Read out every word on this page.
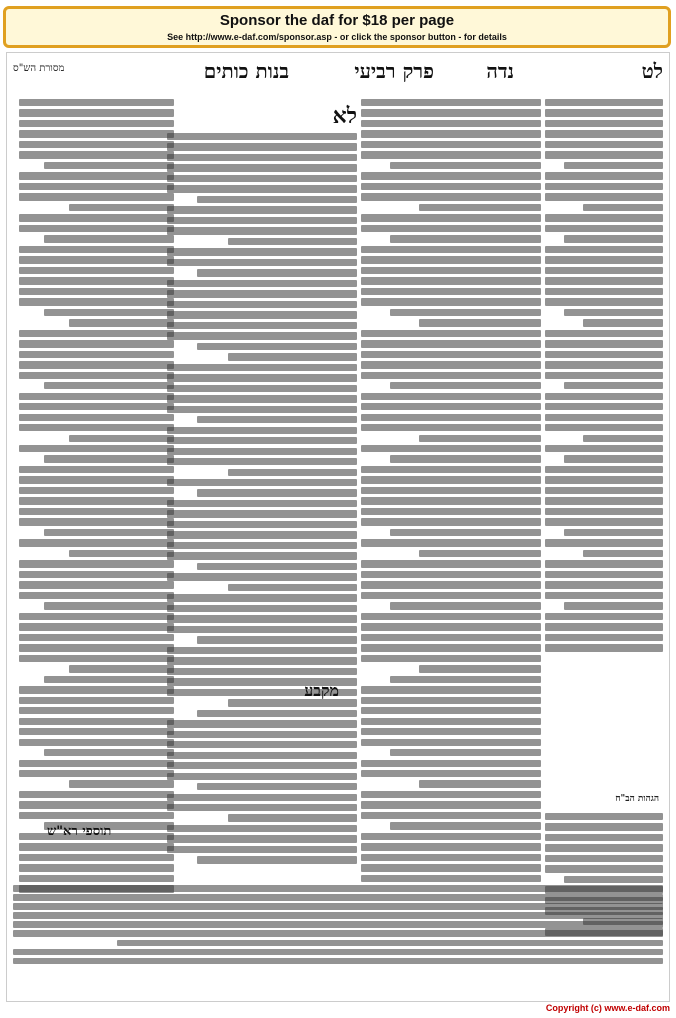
Sponsor the daf for $18 per page
See http://www.e-daf.com/sponsor.asp - or click the sponsor button - for details
לט
נדה
פרק רביעי
בנות כותים
מסורת הש"ס
לא
מקבע
תוספי רא"ש
הגהות הב"ח
Copyright (c) www.e-daf.com
